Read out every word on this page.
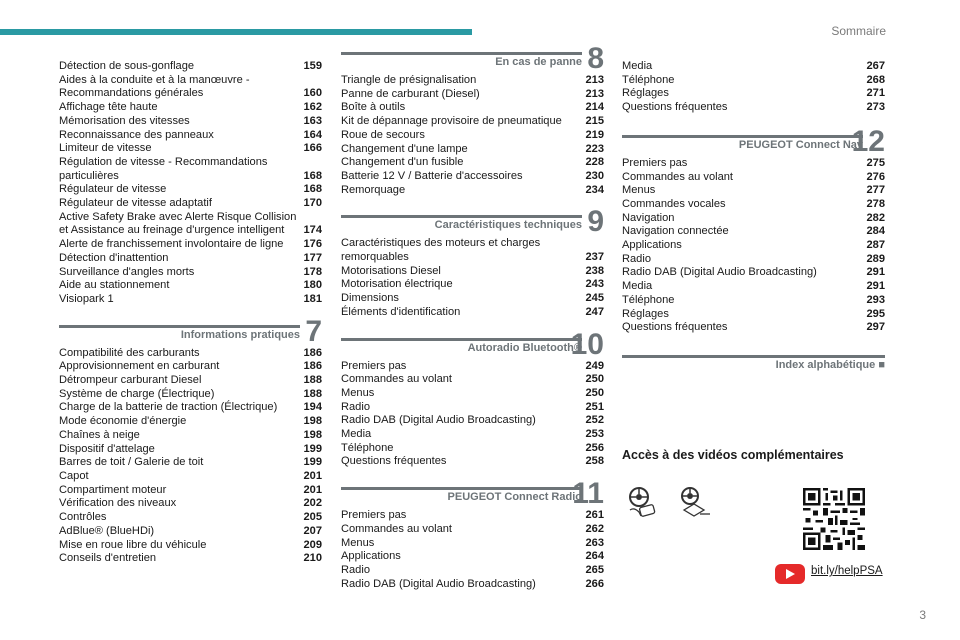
Sommaire
Détection de sous-gonflage	159
Aides à la conduite et à la manœuvre - Recommandations générales	160
Affichage tête haute	162
Mémorisation des vitesses	163
Reconnaissance des panneaux	164
Limiteur de vitesse	166
Régulation de vitesse - Recommandations particulières	168
Régulateur de vitesse	168
Régulateur de vitesse adaptatif	170
Active Safety Brake avec Alerte Risque Collision et Assistance au freinage d'urgence intelligent	174
Alerte de franchissement involontaire de ligne	176
Détection d'inattention	177
Surveillance d'angles morts	178
Aide au stationnement	180
Visiopark 1	181
Informations pratiques 7
Compatibilité des carburants	186
Approvisionnement en carburant	186
Détrompeur carburant Diesel	188
Système de charge (Électrique)	188
Charge de la batterie de traction (Électrique)	194
Mode économie d'énergie	198
Chaînes à neige	198
Dispositif d'attelage	199
Barres de toit / Galerie de toit	199
Capot	201
Compartiment moteur	201
Vérification des niveaux	202
Contrôles	205
AdBlue® (BlueHDi)	207
Mise en roue libre du véhicule	209
Conseils d'entretien	210
En cas de panne 8
Triangle de présignalisation	213
Panne de carburant (Diesel)	213
Boîte à outils	214
Kit de dépannage provisoire de pneumatique	215
Roue de secours	219
Changement d'une lampe	223
Changement d'un fusible	228
Batterie 12 V / Batterie d'accessoires	230
Remorquage	234
Caractéristiques techniques 9
Caractéristiques des moteurs et charges remorquables	237
Motorisations Diesel	238
Motorisation électrique	243
Dimensions	245
Éléments d'identification	247
Autoradio Bluetooth®
10
Premiers pas	249
Commandes au volant	250
Menus	250
Radio	251
Radio DAB (Digital Audio Broadcasting)	252
Media	253
Téléphone	256
Questions fréquentes	258
PEUGEOT Connect Radio
11
Premiers pas	261
Commandes au volant	262
Menus	263
Applications	264
Radio	265
Radio DAB (Digital Audio Broadcasting)	266
Media	267
Téléphone	268
Réglages	271
Questions fréquentes	273
PEUGEOT Connect Nav
12
Premiers pas	275
Commandes au volant	276
Menus	277
Commandes vocales	278
Navigation	282
Navigation connectée	284
Applications	287
Radio	289
Radio DAB (Digital Audio Broadcasting)	291
Media	291
Téléphone	293
Réglages	295
Questions fréquentes	297
Index alphabétique ■
Accès à des vidéos complémentaires
bit.ly/helpPSA
3
